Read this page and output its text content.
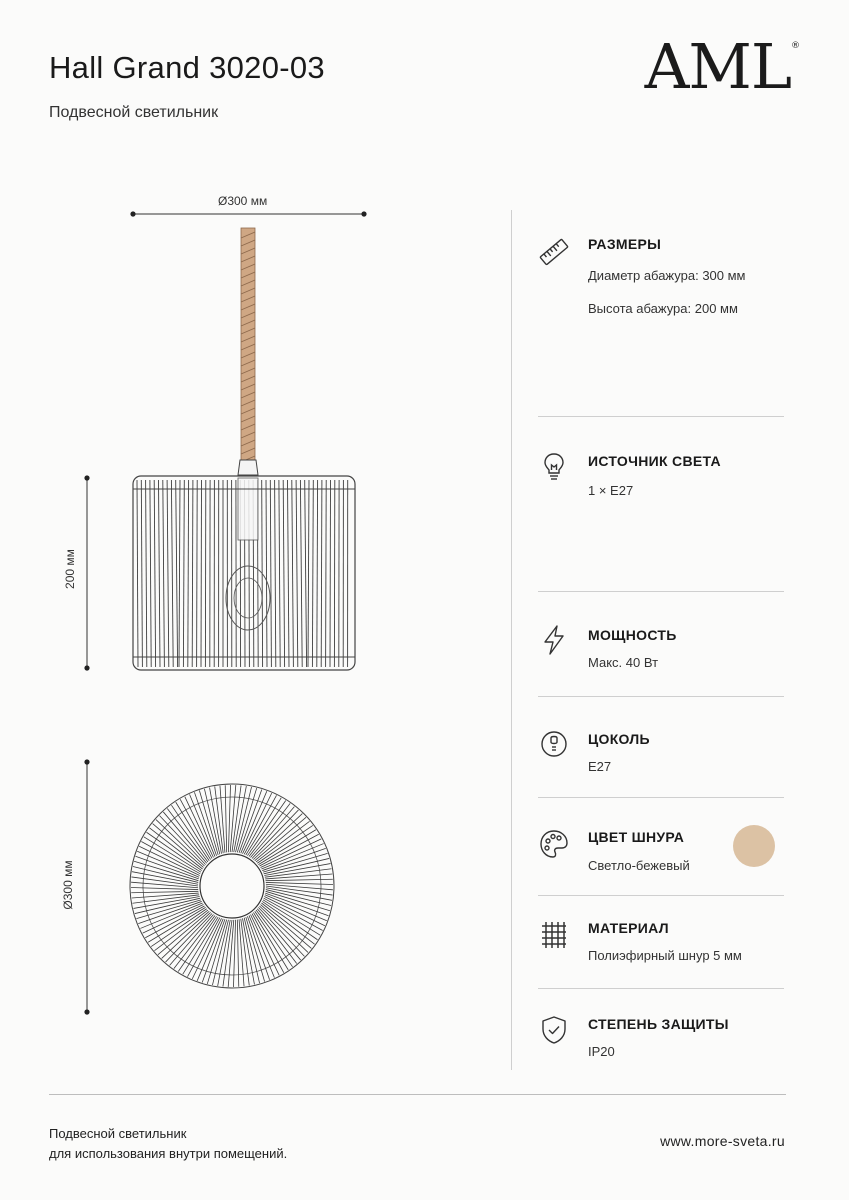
Hall Grand 3020-03
Подвесной светильник
AML ®
Ø300 мм
200 мм
Ø300 мм
РАЗМЕРЫ
Диаметр абажура: 300 мм
Высота абажура: 200 мм
ИСТОЧНИК СВЕТА
1 × E27
МОЩНОСТЬ
Макс. 40 Вт
ЦОКОЛЬ
E27
ЦВЕТ ШНУРА
Светло-бежевый
МАТЕРИАЛ
Полиэфирный шнур 5 мм
СТЕПЕНЬ ЗАЩИТЫ
IP20
Подвесной светильник
для использования внутри помещений.
www.more-sveta.ru
